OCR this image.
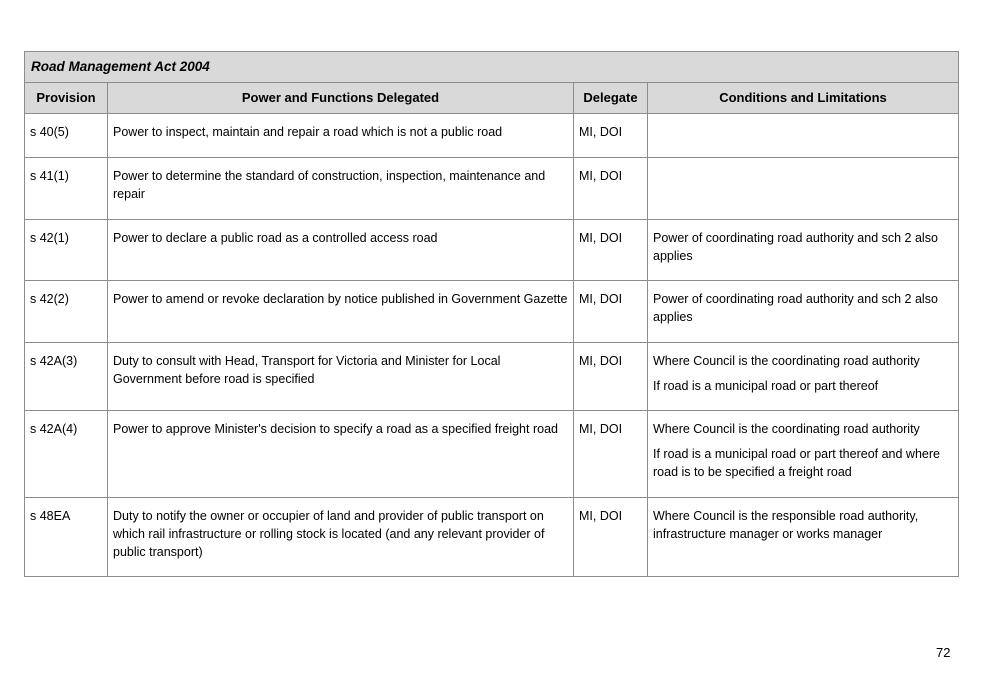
Road Management Act 2004			
Provision	Power and Functions Delegated	Delegate	Conditions and Limitations
s 40(5)	Power to inspect, maintain and repair a road which is not a public road	MI, DOI	
s 41(1)	Power to determine the standard of construction, inspection, maintenance and repair	MI, DOI	
s 42(1)	Power to declare a public road as a controlled access road	MI, DOI	Power of coordinating road authority and sch 2 also applies

s 42(2)	Power to amend or revoke declaration by notice published in Government Gazette	MI, DOI	Power of coordinating road authority and sch 2 also applies

s 42A(3)	Duty to consult with Head, Transport for Victoria and Minister for Local Government before road is specified	MI, DOI	Where Council is the coordinating road authority
If road is a municipal road or part thereof

s 42A(4)	Power to approve Minister's decision to specify a road as a specified freight road	MI, DOI	Where Council is the coordinating road authority
If road is a municipal road or part thereof and where road is to be specified a freight road

s 48EA	Duty to notify the owner or occupier of land and provider of public transport on which rail infrastructure or rolling stock is located (and any relevant provider of public transport)	MI, DOI	Where Council is the responsible road authority, infrastructure manager or works manager
72
